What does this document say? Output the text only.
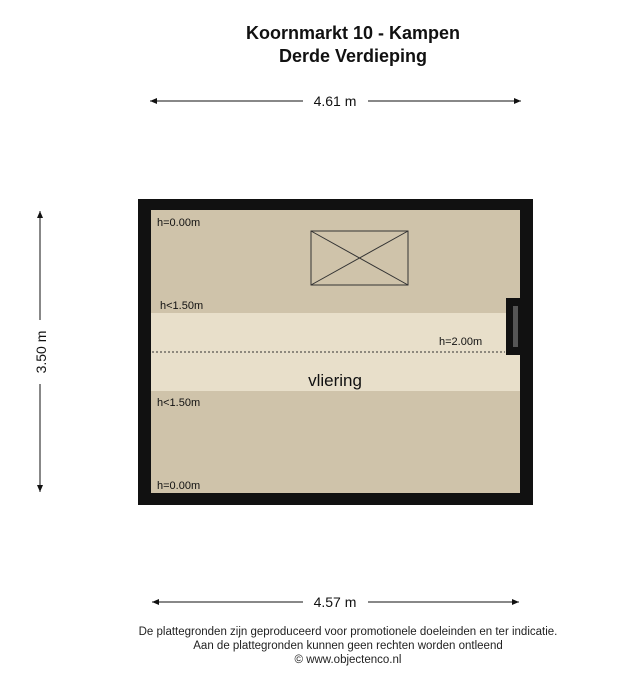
Koornmarkt 10 - Kampen
Derde Verdieping
4.61 m
3.50 m
4.57 m
h=0.00m
h<1.50m
h=2.00m
h<1.50m
h=0.00m
vliering
De plattegronden zijn geproduceerd voor promotionele doeleinden en ter indicatie.
Aan de plattegronden kunnen geen rechten worden ontleend
© www.objectenco.nl
